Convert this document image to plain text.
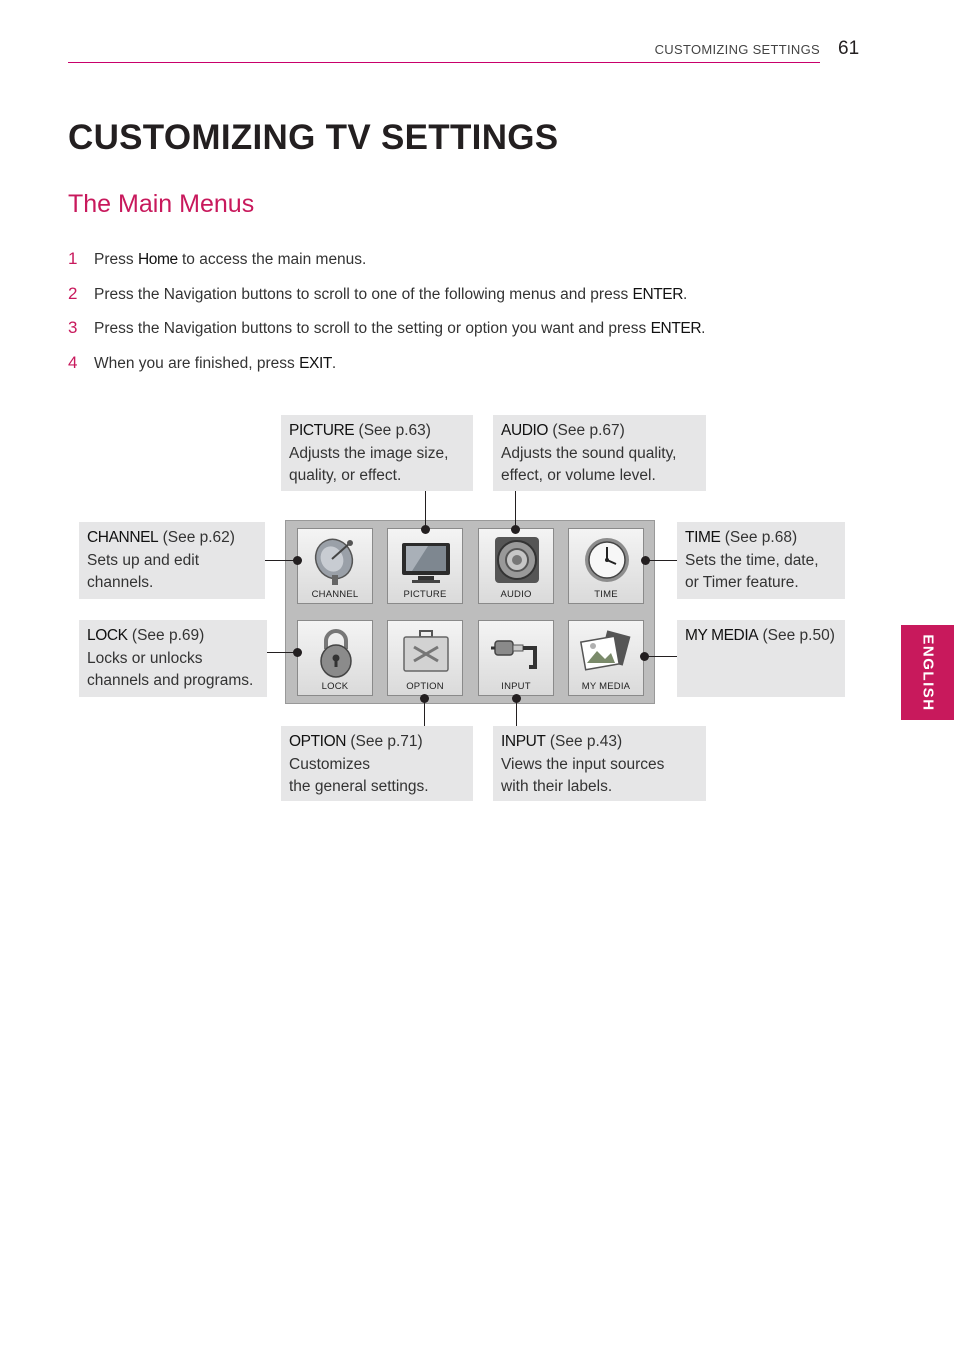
CUSTOMIZING SETTINGS 61
CUSTOMIZING TV SETTINGS
The Main Menus
1 Press Home to access the main menus.
2 Press the Navigation buttons to scroll to one of the following menus and press ENTER.
3 Press the Navigation buttons to scroll to the setting or option you want and press ENTER.
4 When you are finished, press EXIT.
PICTURE (See p.63)
Adjusts the image size,
quality, or effect.
AUDIO (See p.67)
Adjusts the sound quality,
effect, or volume level.
CHANNEL (See p.62)
Sets up and edit
channels.
TIME (See p.68)
Sets the time, date,
or Timer feature.
LOCK (See p.69)
Locks or unlocks
channels and programs.
MY MEDIA (See p.50)
OPTION (See p.71)
Customizes
the general settings.
INPUT (See p.43)
Views the input sources
with their labels.
CHANNEL	PICTURE	AUDIO	TIME
LOCK	OPTION	INPUT	MY MEDIA	ENGLISH
